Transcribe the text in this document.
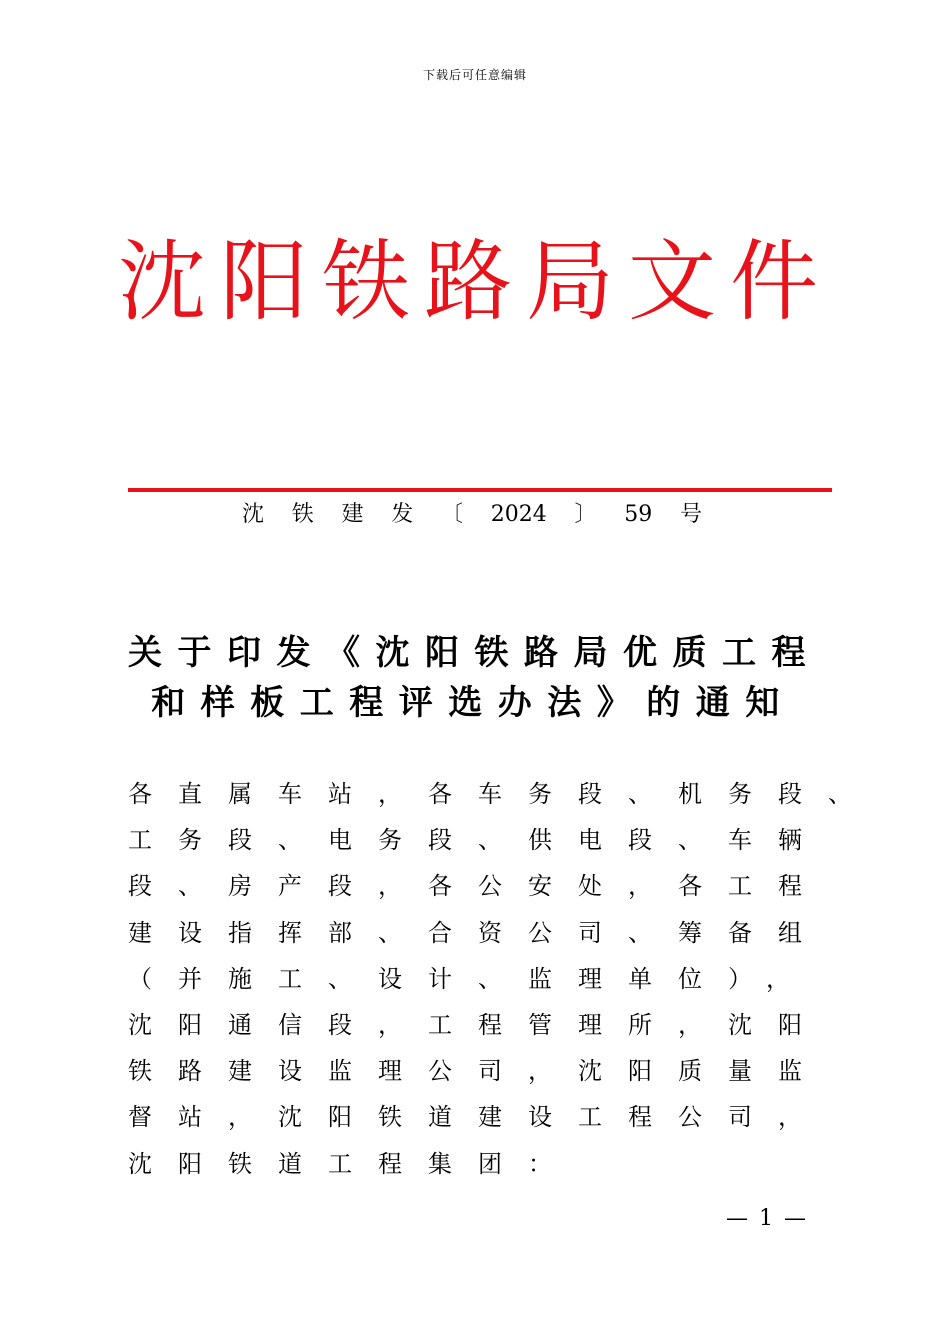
下载后可任意编辑
沈阳铁路局文件
沈 铁 建 发 〔 2024 〕 59 号
关于印发《沈阳铁路局优质工程
和样板工程评选办法》的通知
各直属车站，各车务段、机务段、
工务段、电务段、供电段、车辆
段、房产段，各公安处，各工程
建设指挥部、合资公司、筹备组
（并施工、设计、监理单位），
沈阳通信段，工程管理所，沈阳
铁路建设监理公司，沈阳质量监
督站，沈阳铁道建设工程公司，
沈阳铁道工程集团：
— 1 —
